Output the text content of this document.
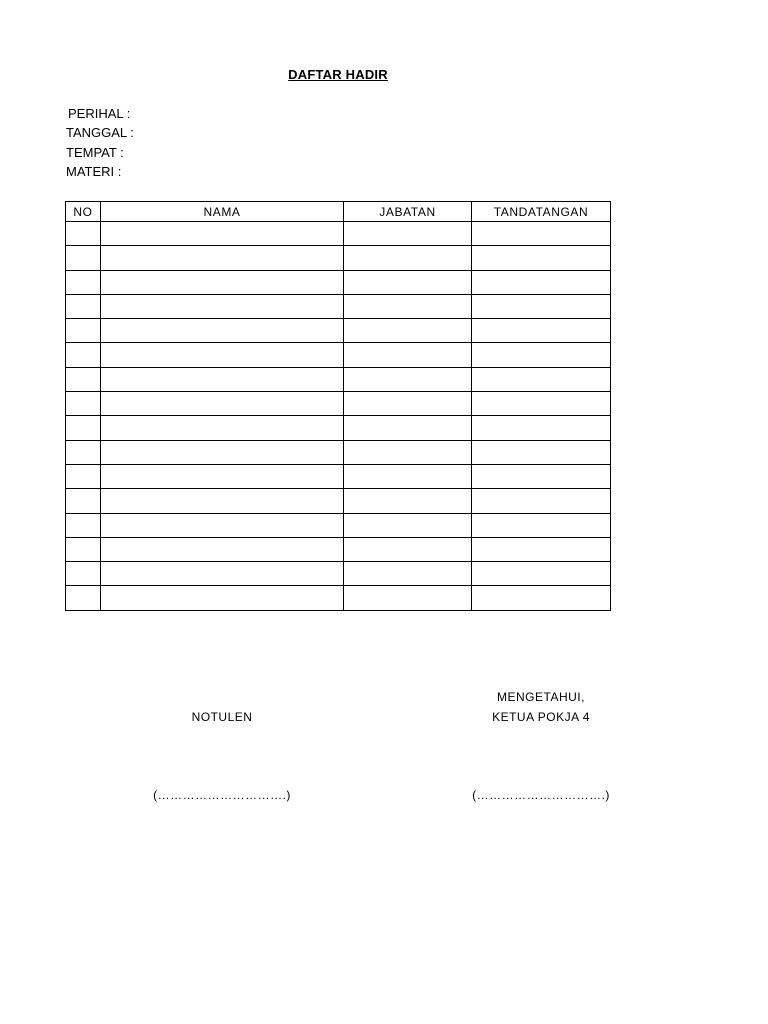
DAFTAR HADIR
PERIHAL :
TANGGAL :
TEMPAT :
MATERI :
NO	NAMA	JABATAN	TANDATANGAN

NOTULEN
(………………………….)
MENGETAHUI,
KETUA POKJA 4
(………………………….)
